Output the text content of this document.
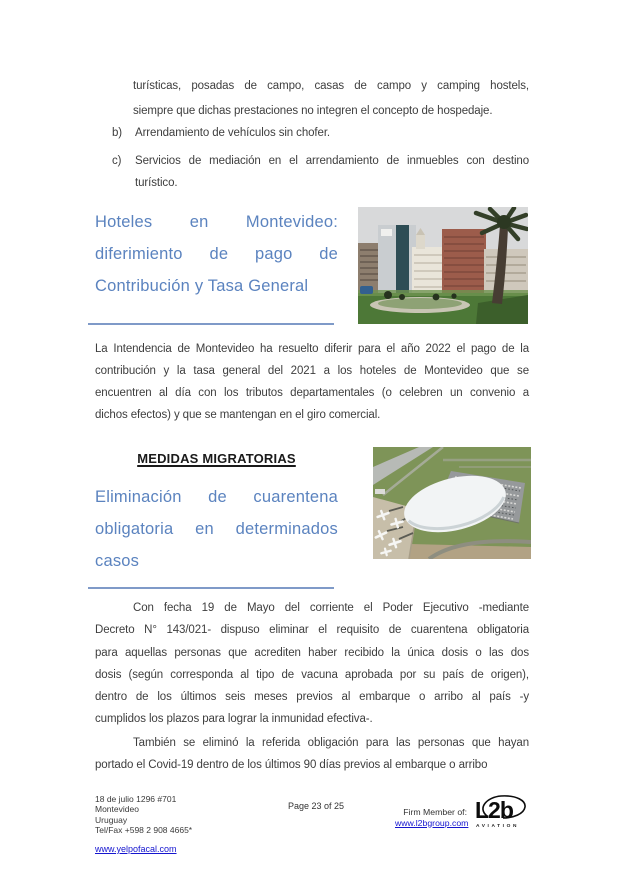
turísticas, posadas de campo, casas de campo y camping hostels,
siempre que dichas prestaciones no integren el concepto de hospedaje.
b)	Arrendamiento de vehículos sin chofer.
c)	Servicios de mediación en el arrendamiento de inmuebles con destino
turístico.
Hoteles en Montevideo:
diferimiento de pago de
Contribución y Tasa General
La Intendencia de Montevideo ha resuelto diferir para el año 2022 el pago de la
contribución y la tasa general del 2021 a los hoteles de Montevideo que se
encuentren al día con los tributos departamentales (o celebren un convenio a
dichos efectos) y que se mantengan en el giro comercial.
MEDIDAS MIGRATORIAS
Eliminación de cuarentena
obligatoria en determinados
casos
Con fecha 19 de Mayo del corriente el Poder Ejecutivo -mediante
Decreto N° 143/021- dispuso eliminar el requisito de cuarentena obligatoria
para aquellas personas que acrediten haber recibido la única dosis o las dos
dosis (según corresponda al tipo de vacuna aprobada por su país de origen),
dentro de los últimos seis meses previos al embarque o arribo al país -y
cumplidos los plazos para lograr la inmunidad efectiva-.
También se eliminó la referida obligación para las personas que hayan
portado el Covid-19 dentro de los últimos 90 días previos al embarque o arribo
18 de julio 1296 #701
Montevideo
Uruguay
Tel/Fax +598 2 908 4665*
www.yelpofacal.com
Page 23 of 25
Firm Member of:
www.l2bgroup.com L2b
AVIATION
